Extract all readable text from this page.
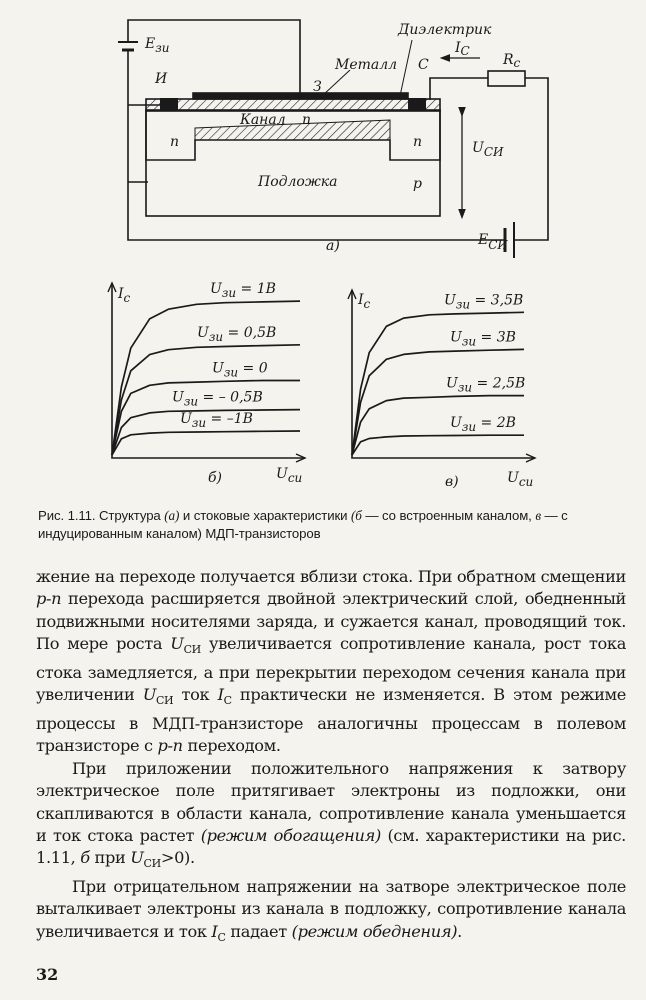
Eзи
И	З
Металл
Диэлектрик
С
IС
Rс
Канал n
n	n
Подложка	p
UСИ
EСИ
а)
Ic
Uси
б)
Uзи = 1В
Uзи = 0,5В
Uзи = 0
Uзи = – 0,5В
Uзи = –1В
Ic
Uси
в)
Uзи = 3,5В
Uзи = 3В
Uзи = 2,5В
Uзи = 2В
Рис. 1.11. Структура (а) и стоковые характеристики (б — со встроенным каналом, в — с индуцированным каналом) МДП-транзисторов

жение на переходе получается вблизи стока. При обратном смещении p-n перехода расширяется двойной электрический слой, обедненный подвижными носителями заряда, и сужается канал, проводящий ток. По мере роста $U_{СИ}$ увеличивается сопротивление канала, рост тока стока замедляется, а при перекрытии переходом сечения канала при увеличении $U_{СИ}$ ток $I_С$ практически не изменяется. В этом режиме процессы в МДП-транзисторе аналогичны процессам в полевом транзисторе с p-n переходом.

При приложении положительного напряжения к затвору электрическое поле притягивает электроны из подложки, они скапливаются в области канала, сопротивление канала уменьшается и ток стока растет (режим обогащения) (см. характеристики на рис. 1.11, б при $U_{СИ}>0$).

При отрицательном напряжении на затворе электрическое поле выталкивает электроны из канала в подложку, сопротивление канала увеличивается и ток $I_С$ падает (режим обеднения).

32
